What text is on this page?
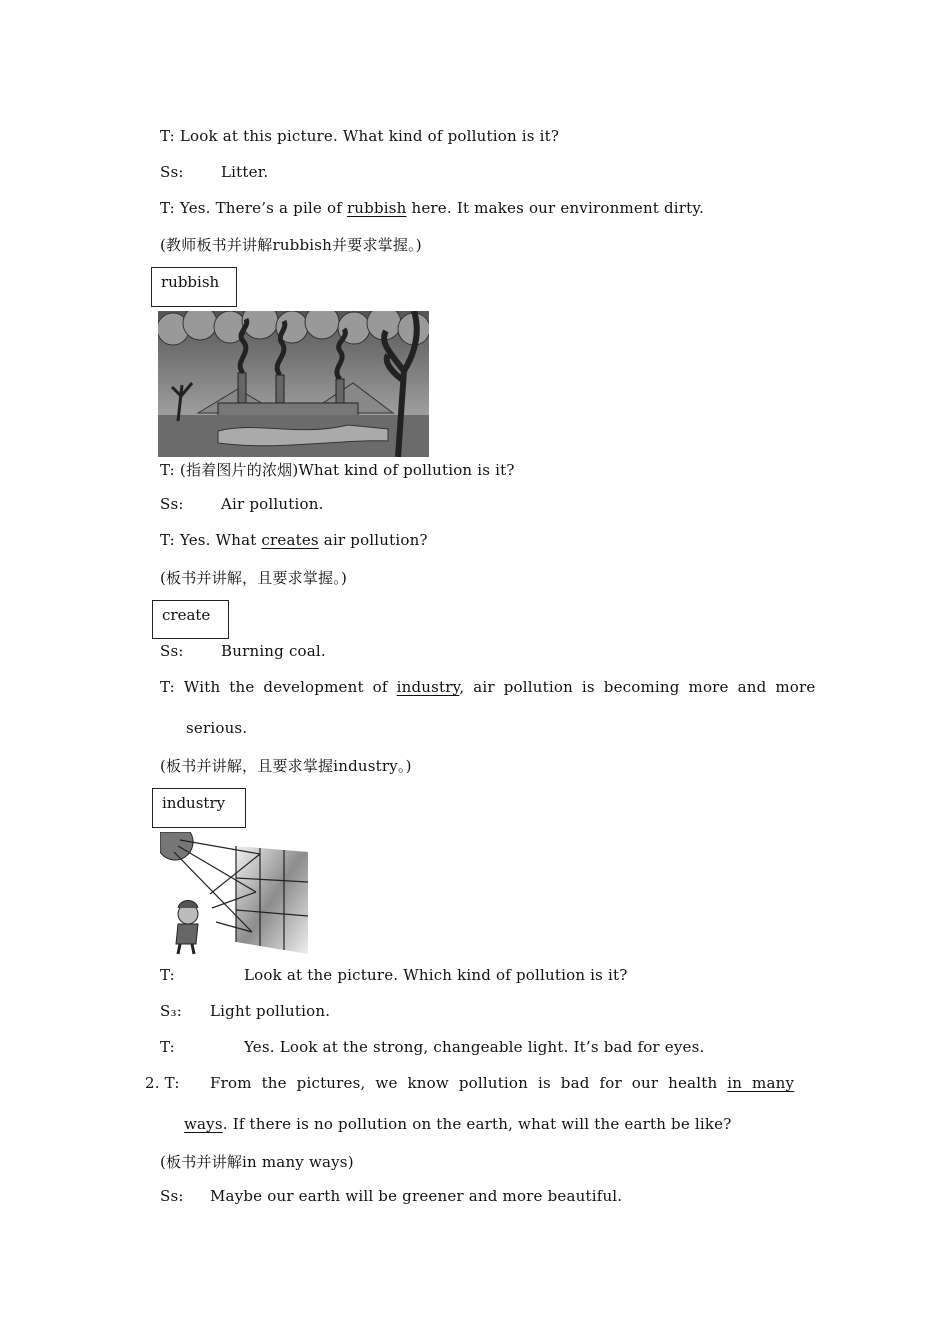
T: Look at this picture. What kind of pollution is it?
Ss: Litter.
T: Yes. There’s a pile of rubbish here. It makes our environment dirty.
(教师板书并讲解rubbish并要求掌握。)
rubbish
T: (指着图片的浓烟)What kind of pollution is it?
Ss: Air pollution.
T: Yes. What creates air pollution?
(板书并讲解，且要求掌握。)
create
Ss: Burning coal.
T: With the development of industry, air pollution is becoming more and more
serious.
(板书并讲解，且要求掌握industry。)
industry
T:	Look at the picture. Which kind of pollution is it?
S₃: Light pollution.
T:	Yes. Look at the strong, changeable light. It’s bad for eyes.
2. T: From  the  pictures,  we  know  pollution  is  bad  for  our  health  in  many
ways. If there is no pollution on the earth, what will the earth be like?
(板书并讲解in many ways)
Ss: Maybe our earth will be greener and more beautiful.
